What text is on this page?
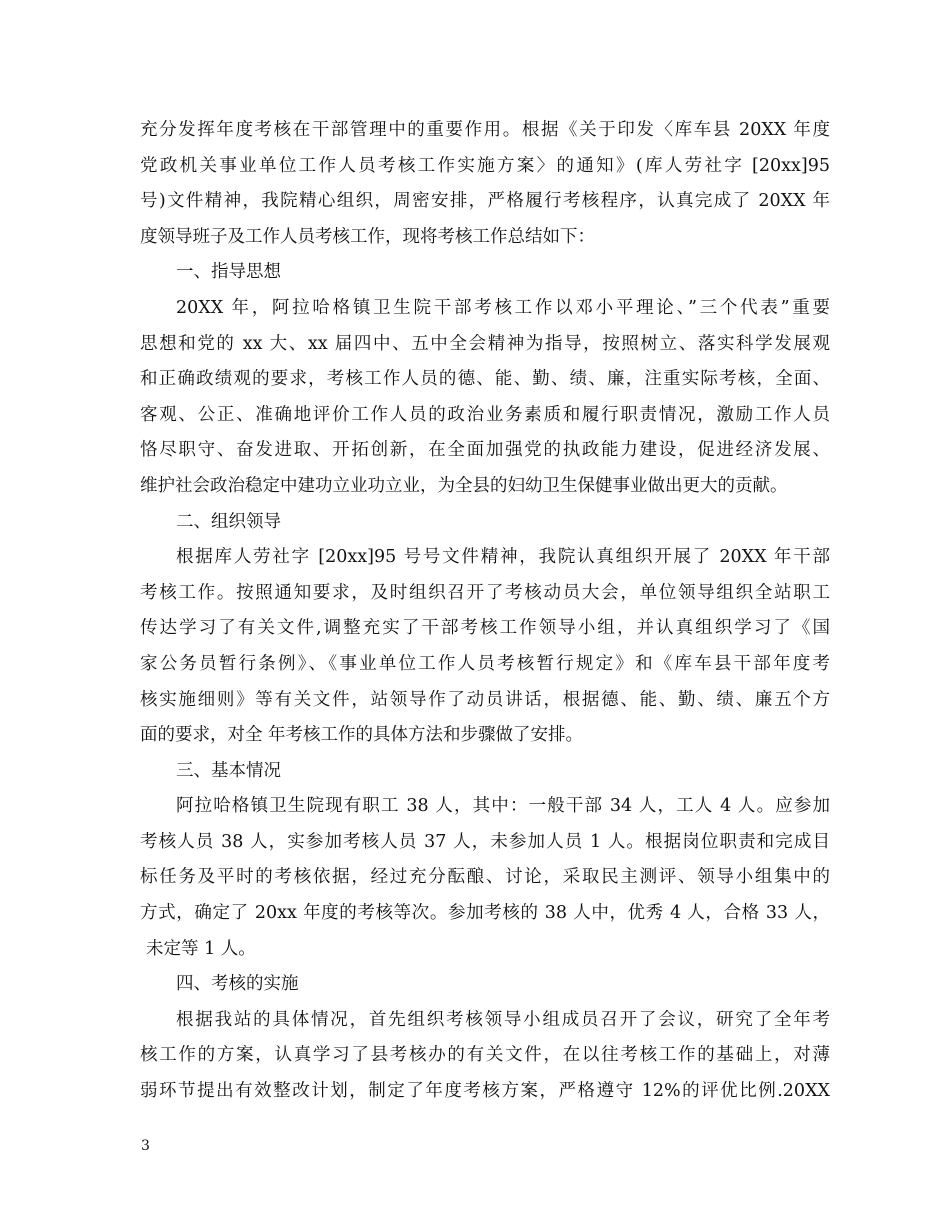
充分发挥年度考核在干部管理中的重要作用。根据《关于印发〈库车县 20XX 年度
党政机关事业单位工作人员考核工作实施方案〉的通知》(库人劳社字 [20xx]95
号)文件精神，我院精心组织，周密安排，严格履行考核程序，认真完成了 20XX 年
度领导班子及工作人员考核工作，现将考核工作总结如下：
一、指导思想
20XX 年，阿拉哈格镇卫生院干部考核工作以邓小平理论、”三个代表”重要
思想和党的 xx 大、xx 届四中、五中全会精神为指导，按照树立、落实科学发展观
和正确政绩观的要求，考核工作人员的德、能、勤、绩、廉，注重实际考核，全面、
客观、公正、准确地评价工作人员的政治业务素质和履行职责情况，激励工作人员
恪尽职守、奋发进取、开拓创新，在全面加强党的执政能力建设，促进经济发展、
维护社会政治稳定中建功立业功立业，为全县的妇幼卫生保健事业做出更大的贡献。
二、组织领导
根据库人劳社字 [20xx]95 号号文件精神，我院认真组织开展了 20XX 年干部
考核工作。按照通知要求，及时组织召开了考核动员大会，单位领导组织全站职工
传达学习了有关文件,调整充实了干部考核工作领导小组，并认真组织学习了《国
家公务员暂行条例》、《事业单位工作人员考核暂行规定》和《库车县干部年度考
核实施细则》等有关文件，站领导作了动员讲话，根据德、能、勤、绩、廉五个方
面的要求，对全 年考核工作的具体方法和步骤做了安排。
三、基本情况
阿拉哈格镇卫生院现有职工 38 人，其中：一般干部 34 人，工人 4 人。应参加
考核人员 38 人，实参加考核人员 37 人，未参加人员 1 人。根据岗位职责和完成目
标任务及平时的考核依据，经过充分酝酿、讨论，采取民主测评、领导小组集中的
方式，确定了 20xx 年度的考核等次。参加考核的 38 人中，优秀 4 人，合格 33 人，
未定等 1 人。
四、考核的实施
根据我站的具体情况，首先组织考核领导小组成员召开了会议，研究了全年考
核工作的方案，认真学习了县考核办的有关文件，在以往考核工作的基础上，对薄
弱环节提出有效整改计划，制定了年度考核方案，严格遵守 12%的评优比例.20XX
3
